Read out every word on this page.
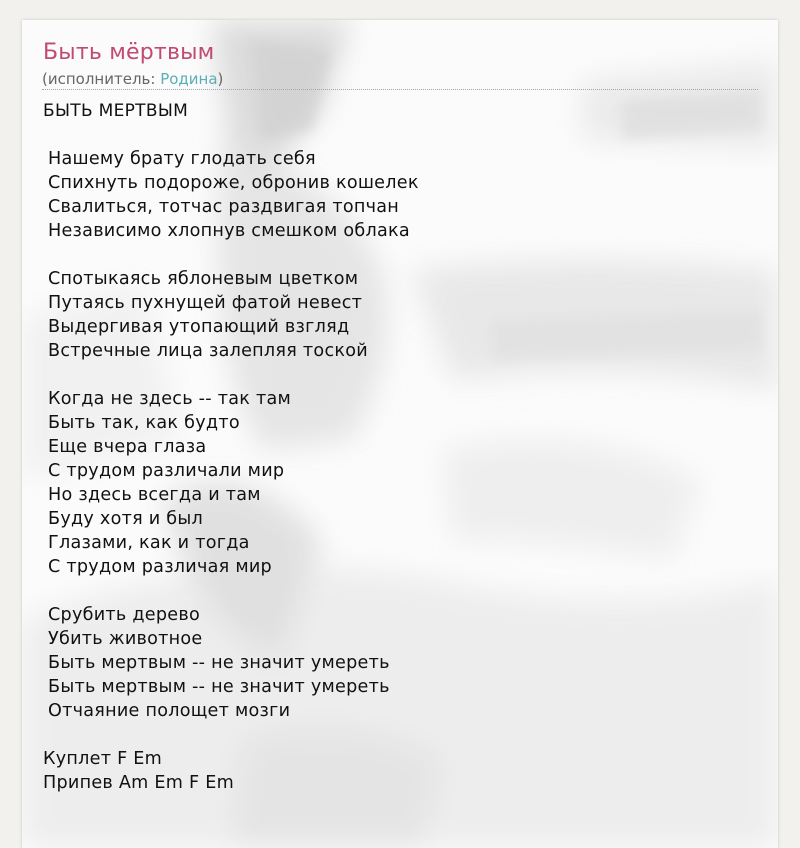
Быть мёртвым
(исполнитель: Родина)
БЫТЬ МЕРТВЫМ
Нашему брату глодать себя
Спихнуть подороже, обронив кошелек
Свалиться, тотчас раздвигая топчан
Независимо хлопнув смешком облака
Спотыкаясь яблоневым цветком
Путаясь пухнущей фатой невест
Выдергивая утопающий взгляд
Встречные лица залепляя тоской
Когда не здесь -- так там
Быть так, как будто
Еще вчера глаза
С трудом различали мир
Но здесь всегда и там
Буду хотя и был
Глазами, как и тогда
С трудом различая мир
Срубить дерево
Убить животное
Быть мертвым -- не значит умереть
Быть мертвым -- не значит умереть
Отчаяние полощет мозги
Куплет F Em
Припев Am Em F Em
